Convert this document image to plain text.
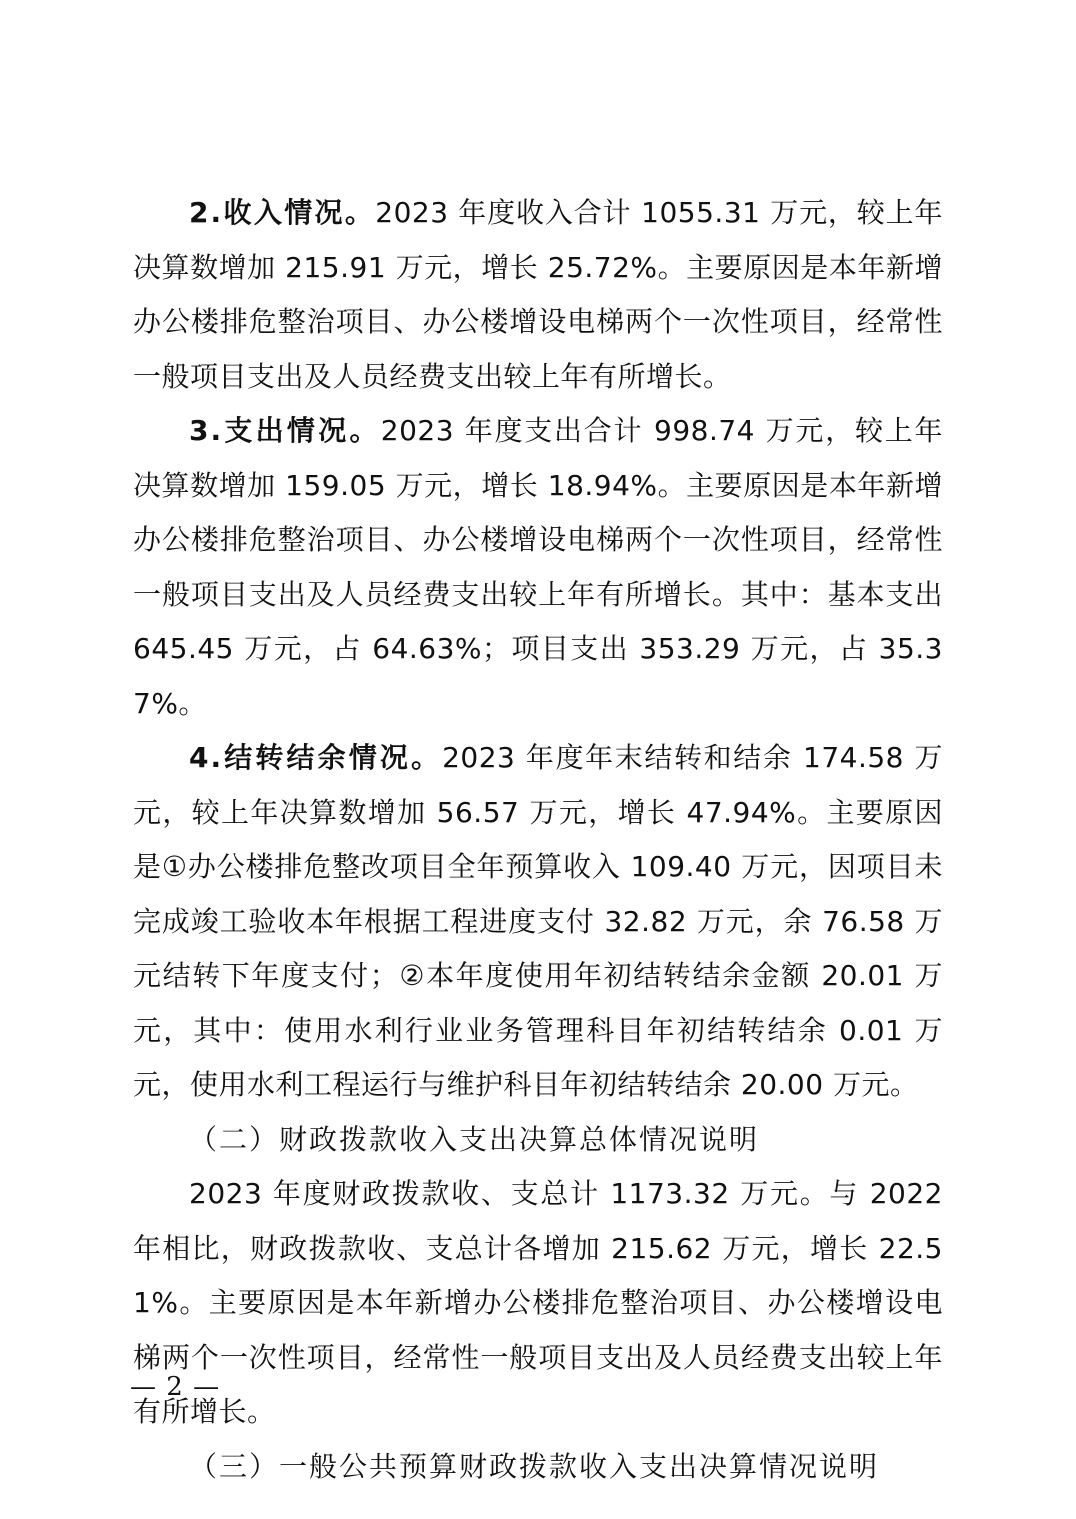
2.收入情况。2023 年度收入合计 1055.31 万元，较上年决算数增加 215.91 万元，增长 25.72%。主要原因是本年新增办公楼排危整治项目、办公楼增设电梯两个一次性项目，经常性一般项目支出及人员经费支出较上年有所增长。

3.支出情况。2023 年度支出合计 998.74 万元，较上年决算数增加 159.05 万元，增长 18.94%。主要原因是本年新增办公楼排危整治项目、办公楼增设电梯两个一次性项目，经常性一般项目支出及人员经费支出较上年有所增长。其中：基本支出 645.45 万元，占 64.63%；项目支出 353.29 万元，占 35.37%。

4.结转结余情况。2023 年度年末结转和结余 174.58 万元，较上年决算数增加 56.57 万元，增长 47.94%。主要原因是①办公楼排危整改项目全年预算收入 109.40 万元，因项目未完成竣工验收本年根据工程进度支付 32.82 万元，余 76.58 万元结转下年度支付；②本年度使用年初结转结余金额 20.01 万元，其中：使用水利行业业务管理科目年初结转结余 0.01 万元，使用水利工程运行与维护科目年初结转结余 20.00 万元。

（二）财政拨款收入支出决算总体情况说明

2023 年度财政拨款收、支总计 1173.32 万元。与 2022 年相比，财政拨款收、支总计各增加 215.62 万元，增长 22.51%。主要原因是本年新增办公楼排危整治项目、办公楼增设电梯两个一次性项目，经常性一般项目支出及人员经费支出较上年有所增长。

（三）一般公共预算财政拨款收入支出决算情况说明

— 2 —
